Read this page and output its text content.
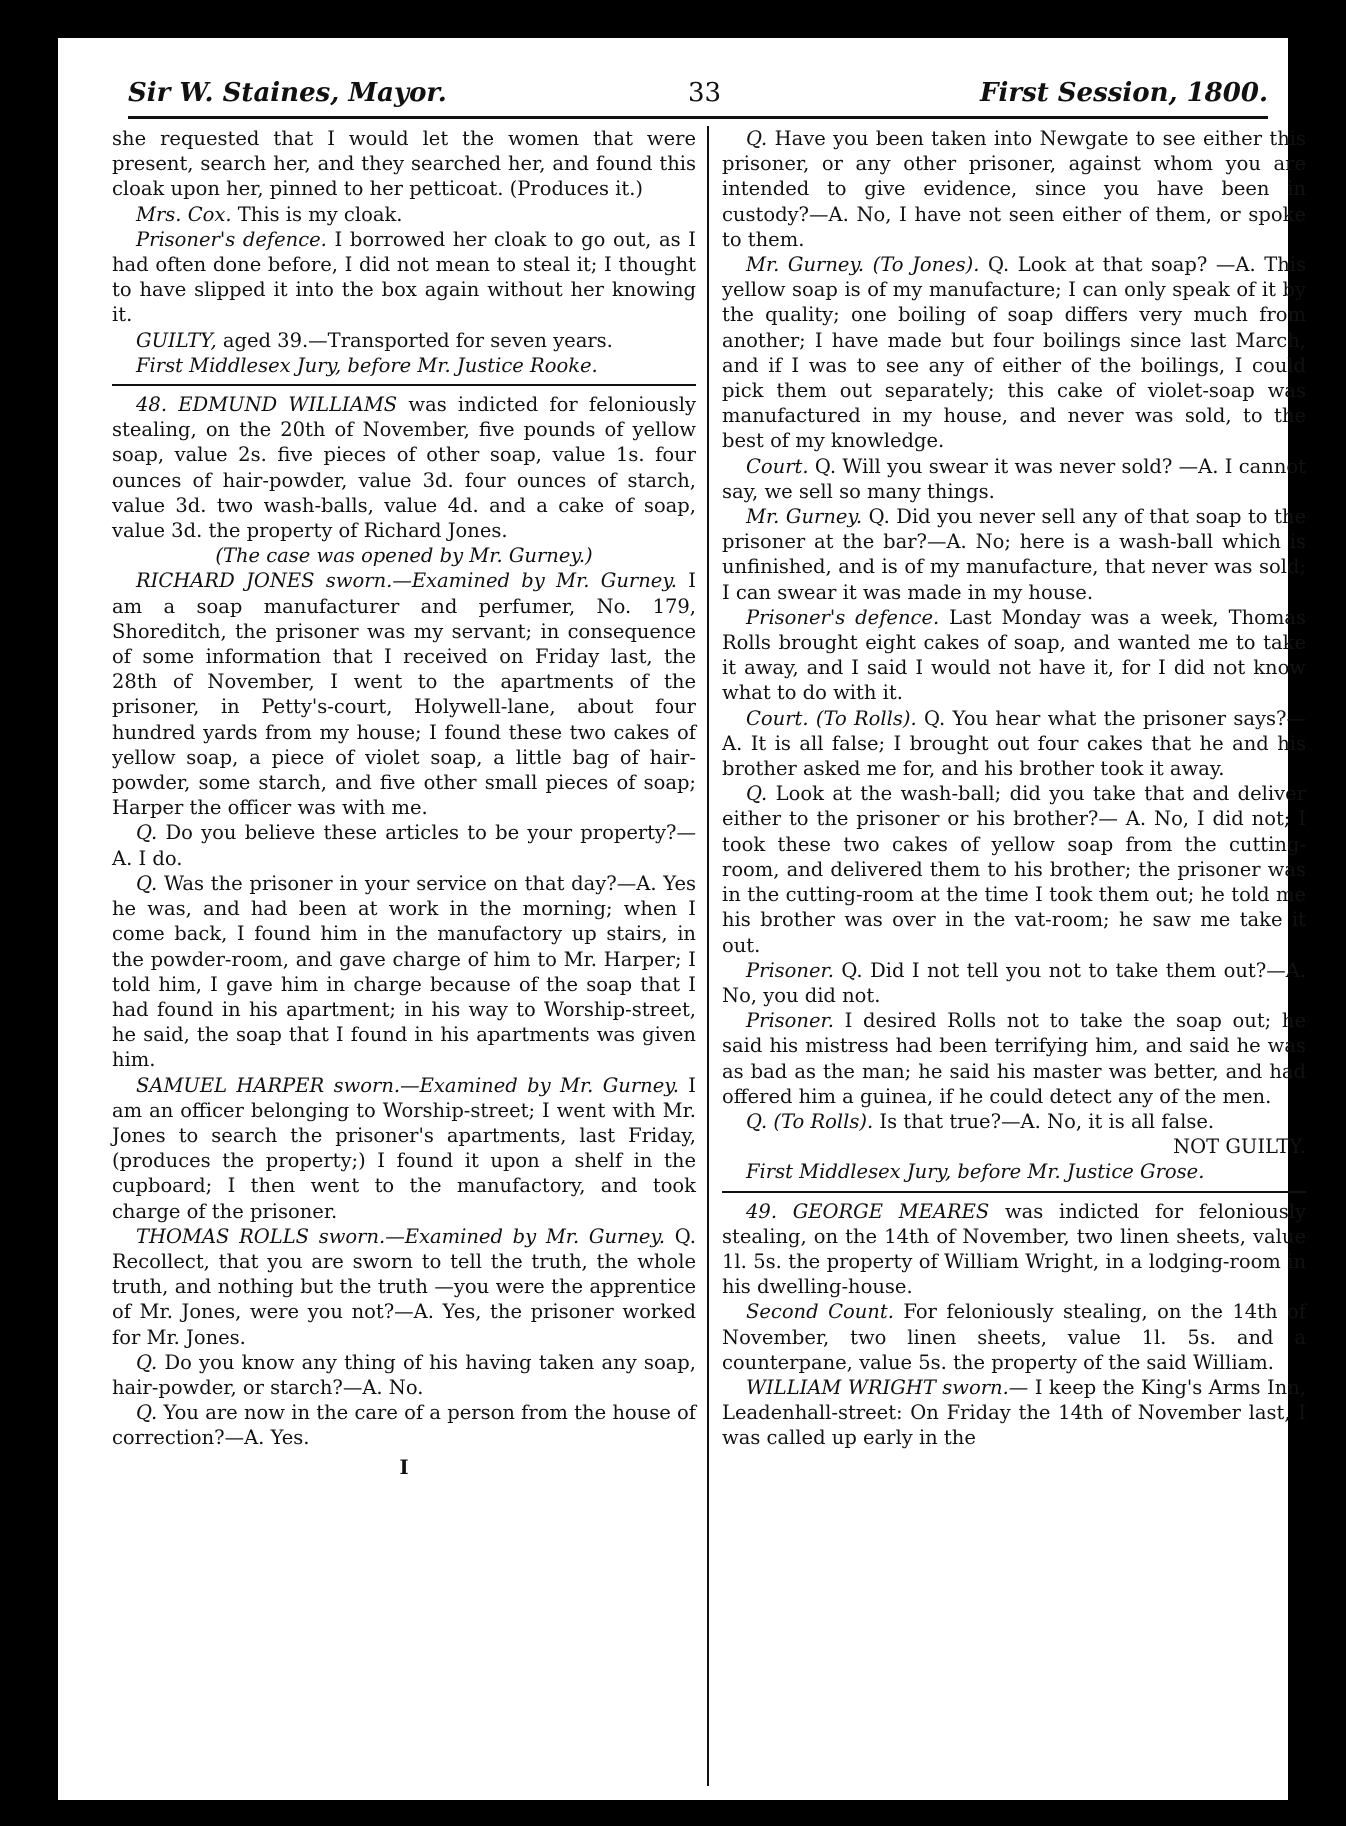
Sir W. Staines, Mayor.	33	First Session, 1800.

she requested that I would let the women that were present, search her, and they searched her, and found this cloak upon her, pinned to her petticoat. (Produces it.)

Mrs. Cox. This is my cloak.

Prisoner's defence. I borrowed her cloak to go out, as I had often done before, I did not mean to steal it; I thought to have slipped it into the box again without her knowing it.

GUILTY, aged 39.—Transported for seven years.

First Middlesex Jury, before Mr. Justice Rooke.

48. EDMUND WILLIAMS was indicted for feloniously stealing, on the 20th of November, five pounds of yellow soap, value 2s. five pieces of other soap, value 1s. four ounces of hair-powder, value 3d. four ounces of starch, value 3d. two wash-balls, value 4d. and a cake of soap, value 3d. the property of Richard Jones.

(The case was opened by Mr. Gurney.)

RICHARD JONES sworn.—Examined by Mr. Gurney. I am a soap manufacturer and perfumer, No. 179, Shoreditch, the prisoner was my servant; in consequence of some information that I received on Friday last, the 28th of November, I went to the apartments of the prisoner, in Petty's-court, Holywell-lane, about four hundred yards from my house; I found these two cakes of yellow soap, a piece of violet soap, a little bag of hair-powder, some starch, and five other small pieces of soap; Harper the officer was with me.

Q. Do you believe these articles to be your property?—A. I do.

Q. Was the prisoner in your service on that day?—A. Yes he was, and had been at work in the morning; when I come back, I found him in the manufactory up stairs, in the powder-room, and gave charge of him to Mr. Harper; I told him, I gave him in charge because of the soap that I had found in his apartment; in his way to Worship-street, he said, the soap that I found in his apartments was given him.

SAMUEL HARPER sworn.—Examined by Mr. Gurney. I am an officer belonging to Worship-street; I went with Mr. Jones to search the prisoner's apartments, last Friday, (produces the property;) I found it upon a shelf in the cupboard; I then went to the manufactory, and took charge of the prisoner.

THOMAS ROLLS sworn.—Examined by Mr. Gurney. Q. Recollect, that you are sworn to tell the truth, the whole truth, and nothing but the truth —you were the apprentice of Mr. Jones, were you not?—A. Yes, the prisoner worked for Mr. Jones.

Q. Do you know any thing of his having taken any soap, hair-powder, or starch?—A. No.

Q. You are now in the care of a person from the house of correction?—A. Yes.

I

Q. Have you been taken into Newgate to see either this prisoner, or any other prisoner, against whom you are intended to give evidence, since you have been in custody?—A. No, I have not seen either of them, or spoke to them.

Mr. Gurney. (To Jones). Q. Look at that soap? —A. This yellow soap is of my manufacture; I can only speak of it by the quality; one boiling of soap differs very much from another; I have made but four boilings since last March, and if I was to see any of either of the boilings, I could pick them out separately; this cake of violet-soap was manufactured in my house, and never was sold, to the best of my knowledge.

Court. Q. Will you swear it was never sold? —A. I cannot say, we sell so many things.

Mr. Gurney. Q. Did you never sell any of that soap to the prisoner at the bar?—A. No; here is a wash-ball which is unfinished, and is of my manufacture, that never was sold; I can swear it was made in my house.

Prisoner's defence. Last Monday was a week, Thomas Rolls brought eight cakes of soap, and wanted me to take it away, and I said I would not have it, for I did not know what to do with it.

Court. (To Rolls). Q. You hear what the prisoner says?—A. It is all false; I brought out four cakes that he and his brother asked me for, and his brother took it away.

Q. Look at the wash-ball; did you take that and deliver either to the prisoner or his brother?— A. No, I did not; I took these two cakes of yellow soap from the cutting-room, and delivered them to his brother; the prisoner was in the cutting-room at the time I took them out; he told me his brother was over in the vat-room; he saw me take it out.

Prisoner. Q. Did I not tell you not to take them out?—A. No, you did not.

Prisoner. I desired Rolls not to take the soap out; he said his mistress had been terrifying him, and said he was as bad as the man; he said his master was better, and had offered him a guinea, if he could detect any of the men.

Q. (To Rolls). Is that true?—A. No, it is all false.

NOT GUILTY.

First Middlesex Jury, before Mr. Justice Grose.

49. GEORGE MEARES was indicted for feloniously stealing, on the 14th of November, two linen sheets, value 1l. 5s. the property of William Wright, in a lodging-room in his dwelling-house.

Second Count. For feloniously stealing, on the 14th of November, two linen sheets, value 1l. 5s. and a counterpane, value 5s. the property of the said William.

WILLIAM WRIGHT sworn.— I keep the King's Arms Inn, Leadenhall-street: On Friday the 14th of November last, I was called up early in the
